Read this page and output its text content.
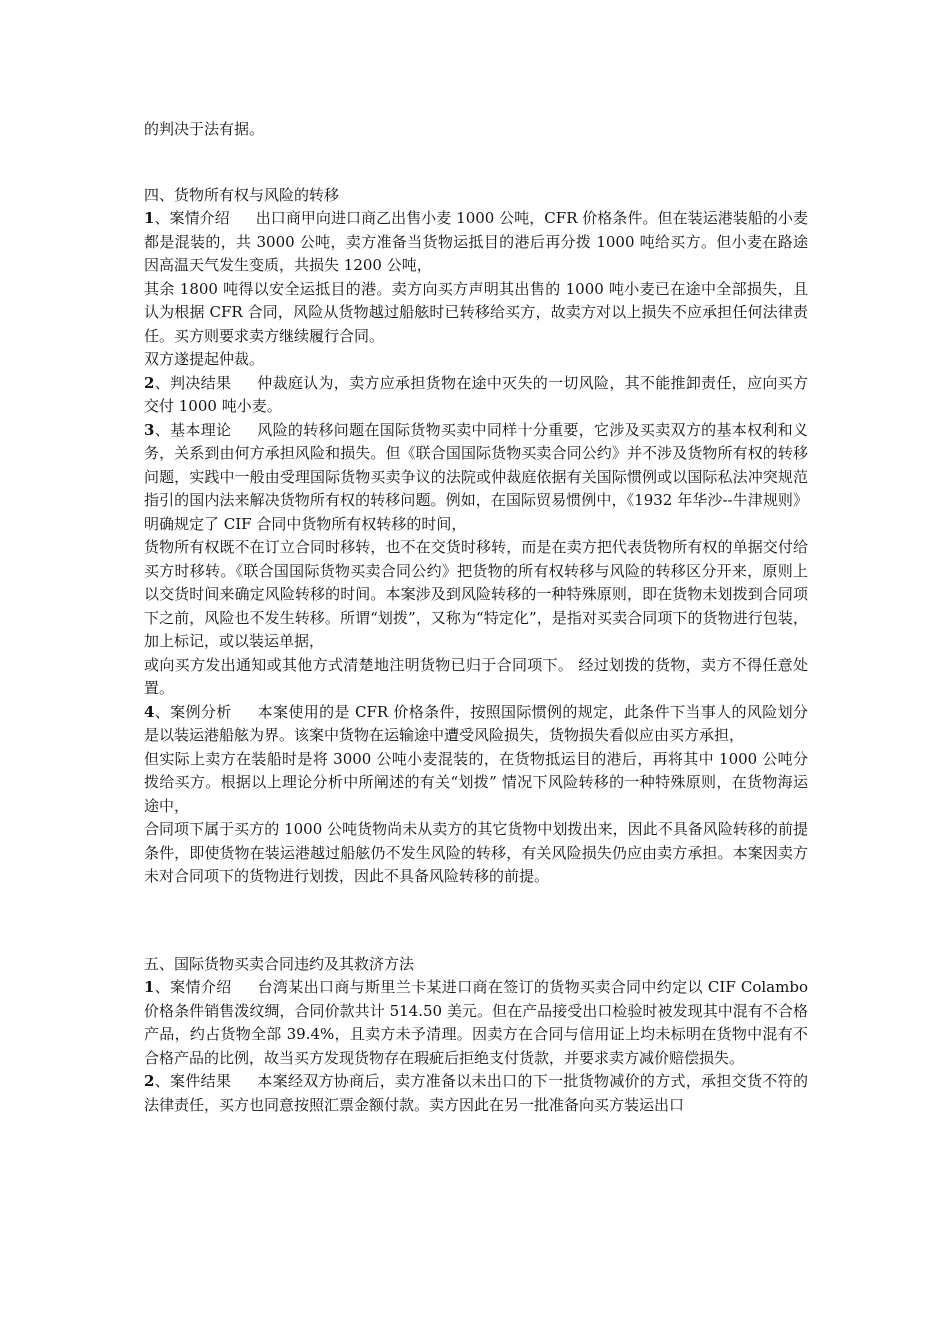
的判决于法有据。

四、货物所有权与风险的转移

1、案情介绍 出口商甲向进口商乙出售小麦 1000 公吨，CFR 价格条件。但在装运港装船的小麦都是混装的，共 3000 公吨，卖方准备当货物运抵目的港后再分拨 1000 吨给买方。但小麦在路途因高温天气发生变质，共损失 1200 公吨，

其余 1800 吨得以安全运抵目的港。卖方向买方声明其出售的 1000 吨小麦已在途中全部损失，且认为根据 CFR 合同，风险从货物越过船舷时已转移给买方，故卖方对以上损失不应承担任何法律责任。买方则要求卖方继续履行合同。

双方遂提起仲裁。

2、判决结果 仲裁庭认为，卖方应承担货物在途中灭失的一切风险，其不能推卸责任，应向买方交付 1000 吨小麦。

3、基本理论 风险的转移问题在国际货物买卖中同样十分重要，它涉及买卖双方的基本权利和义务，关系到由何方承担风险和损失。但《联合国国际货物买卖合同公约》并不涉及货物所有权的转移问题，实践中一般由受理国际货物买卖争议的法院或仲裁庭依据有关国际惯例或以国际私法冲突规范指引的国内法来解决货物所有权的转移问题。例如，在国际贸易惯例中，《1932 年华沙--牛津规则》明确规定了 CIF 合同中货物所有权转移的时间，

货物所有权既不在订立合同时移转，也不在交货时移转，而是在卖方把代表货物所有权的单据交付给买方时移转。《联合国国际货物买卖合同公约》把货物的所有权转移与风险的转移区分开来，原则上以交货时间来确定风险转移的时间。本案涉及到风险转移的一种特殊原则，即在货物未划拨到合同项下之前，风险也不发生转移。所谓“划拨”，又称为“特定化”，是指对买卖合同项下的货物进行包装，加上标记，或以装运单据，

或向买方发出通知或其他方式清楚地注明货物已归于合同项下。 经过划拨的货物，卖方不得任意处置。

4、案例分析 本案使用的是 CFR 价格条件，按照国际惯例的规定，此条件下当事人的风险划分是以装运港船舷为界。该案中货物在运输途中遭受风险损失，货物损失看似应由买方承担，

但实际上卖方在装船时是将 3000 公吨小麦混装的，在货物抵运目的港后，再将其中 1000 公吨分拨给买方。根据以上理论分析中所阐述的有关“划拨” 情况下风险转移的一种特殊原则，在货物海运途中，

合同项下属于买方的 1000 公吨货物尚未从卖方的其它货物中划拨出来，因此不具备风险转移的前提条件，即使货物在装运港越过船舷仍不发生风险的转移，有关风险损失仍应由卖方承担。本案因卖方未对合同项下的货物进行划拨，因此不具备风险转移的前提。

五、国际货物买卖合同违约及其救济方法

1、案情介绍 台湾某出口商与斯里兰卡某进口商在签订的货物买卖合同中约定以 CIF Colambo 价格条件销售泼纹绸，合同价款共计 514.50 美元。但在产品接受出口检验时被发现其中混有不合格产品，约占货物全部 39.4%，且卖方未予清理。因卖方在合同与信用证上均未标明在货物中混有不合格产品的比例，故当买方发现货物存在瑕疵后拒绝支付货款，并要求卖方减价赔偿损失。

2、案件结果 本案经双方协商后，卖方准备以未出口的下一批货物减价的方式，承担交货不符的法律责任，买方也同意按照汇票金额付款。卖方因此在另一批准备向买方装运出口
